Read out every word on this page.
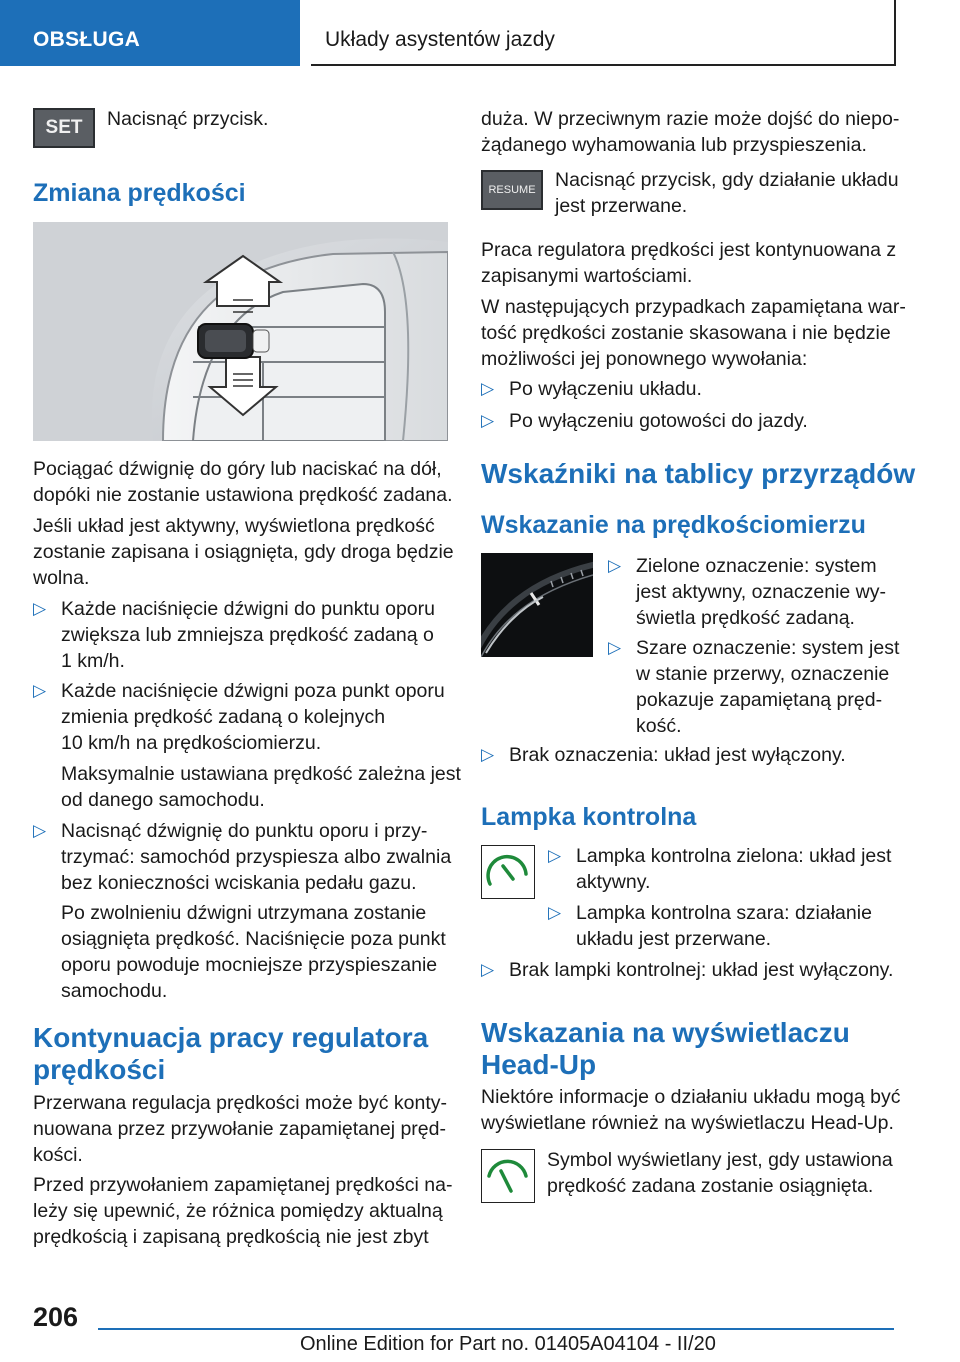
OBSŁUGA	Układy asystentów jazdy
SET Nacisnąć przycisk.
Zmiana prędkości
Pociągać dźwignię do góry lub naciskać na dół,
dopóki nie zostanie ustawiona prędkość zadana.
Jeśli układ jest aktywny, wyświetlona prędkość
zostanie zapisana i osiągnięta, gdy droga będzie
wolna.
▷ Każde naciśnięcie dźwigni do punktu oporu
zwiększa lub zmniejsza prędkość zadaną o
1 km/h.
▷ Każde naciśnięcie dźwigni poza punkt oporu
zmienia prędkość zadaną o kolejnych
10 km/h na prędkościomierzu.
Maksymalnie ustawiana prędkość zależna jest
od danego samochodu.
▷ Nacisnąć dźwignię do punktu oporu i przy-
trzymać: samochód przyspiesza albo zwalnia
bez konieczności wciskania pedału gazu.
Po zwolnieniu dźwigni utrzymana zostanie
osiągnięta prędkość. Naciśnięcie poza punkt
oporu powoduje mocniejsze przyspieszanie
samochodu.
Kontynuacja pracy regulatora
prędkości
Przerwana regulacja prędkości może być konty-
nuowana przez przywołanie zapamiętanej pręd-
kości.
Przed przywołaniem zapamiętanej prędkości na-
leży się upewnić, że różnica pomiędzy aktualną
prędkością i zapisaną prędkością nie jest zbyt
duża. W przeciwnym razie może dojść do niepo-
żądanego wyhamowania lub przyspieszenia.
RESUME Nacisnąć przycisk, gdy działanie układu
jest przerwane.
Praca regulatora prędkości jest kontynuowana z
zapisanymi wartościami.
W następujących przypadkach zapamiętana war-
tość prędkości zostanie skasowana i nie będzie
możliwości jej ponownego wywołania:
▷ Po wyłączeniu układu.
▷ Po wyłączeniu gotowości do jazdy.
Wskaźniki na tablicy przyrządów
Wskazanie na prędkościomierzu
▷ Zielone oznaczenie: system
jest aktywny, oznaczenie wy-
świetla prędkość zadaną.
▷ Szare oznaczenie: system jest
w stanie przerwy, oznaczenie
pokazuje zapamiętaną pręd-
kość.
▷ Brak oznaczenia: układ jest wyłączony.
Lampka kontrolna
▷ Lampka kontrolna zielona: układ jest
aktywny.
▷ Lampka kontrolna szara: działanie
układu jest przerwane.
▷ Brak lampki kontrolnej: układ jest wyłączony.
Wskazania na wyświetlaczu
Head-Up
Niektóre informacje o działaniu układu mogą być
wyświetlane również na wyświetlaczu Head-Up.
Symbol wyświetlany jest, gdy ustawiona
prędkość zadana zostanie osiągnięta.
206
Online Edition for Part no. 01405A04104 - II/20
